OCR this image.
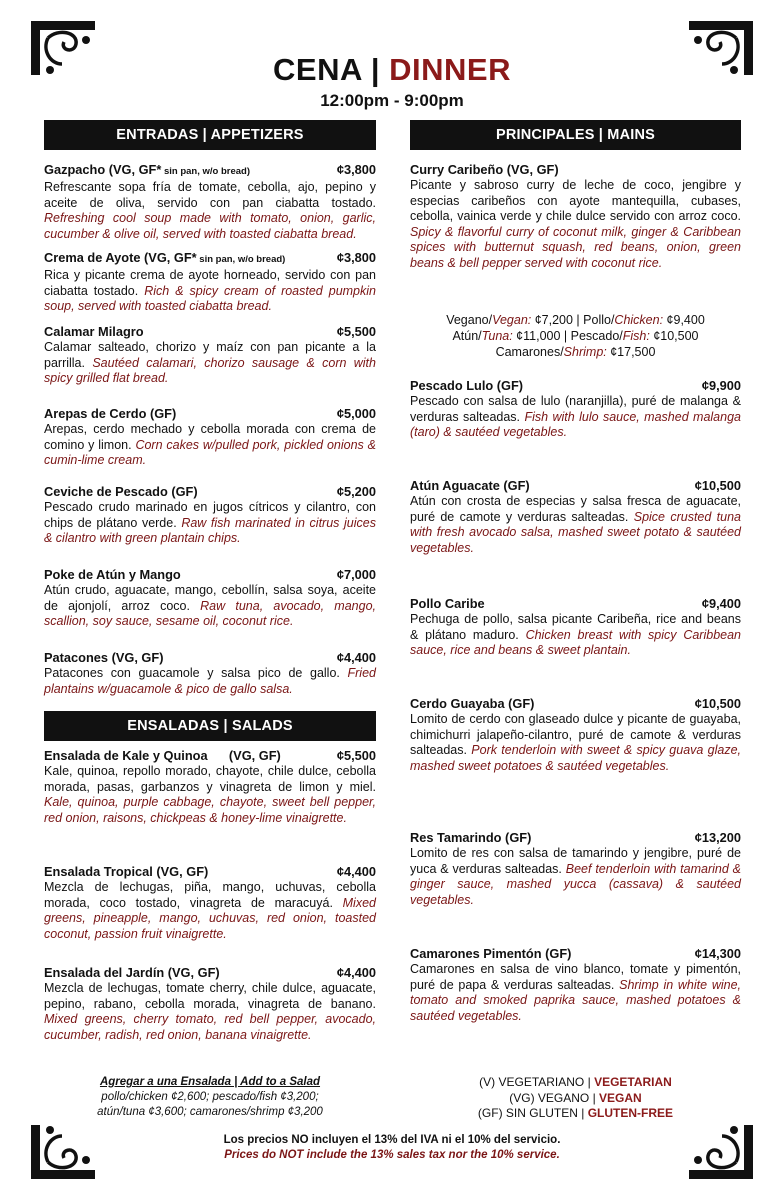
CENA | DINNER
12:00pm - 9:00pm
ENTRADAS | APPETIZERS
Gazpacho (VG, GF* sin pan, w/o bread)	¢3,800
Refrescante sopa fría de tomate, cebolla, ajo, pepino y aceite de oliva, servido con pan ciabatta tostado. Refreshing cool soup made with tomato, onion, garlic, cucumber & olive oil, served with toasted ciabatta bread.
Crema de Ayote (VG, GF* sin pan, w/o bread)	¢3,800
Rica y picante crema de ayote horneado, servido con pan ciabatta tostado. Rich & spicy cream of roasted pumpkin soup, served with toasted ciabatta bread.
Calamar Milagro	¢5,500
Calamar salteado, chorizo y maíz con pan picante a la parrilla. Sautéed calamari, chorizo sausage & corn with spicy grilled flat bread.
Arepas de Cerdo (GF)	¢5,000
Arepas, cerdo mechado y cebolla morada con crema de comino y limon. Corn cakes w/pulled pork, pickled onions & cumin-lime cream.
Ceviche de Pescado (GF)	¢5,200
Pescado crudo marinado en jugos cítricos y cilantro, con chips de plátano verde. Raw fish marinated in citrus juices & cilantro with green plantain chips.
Poke de Atún y Mango	¢7,000
Atún crudo, aguacate, mango, cebollín, salsa soya, aceite de ajonjolí, arroz coco. Raw tuna, avocado, mango, scallion, soy sauce, sesame oil, coconut rice.
Patacones (VG, GF)	¢4,400
Patacones con guacamole y salsa pico de gallo. Fried plantains w/guacamole & pico de gallo salsa.
ENSALADAS | SALADS
Ensalada de Kale y Quinoa      (VG, GF)	¢5,500
Kale, quinoa, repollo morado, chayote, chile dulce, cebolla morada, pasas, garbanzos y vinagreta de limon y miel. Kale, quinoa, purple cabbage, chayote, sweet bell pepper, red onion, raisons, chickpeas & honey-lime vinaigrette.
Ensalada Tropical (VG, GF)	¢4,400
Mezcla de lechugas, piña, mango, uchuvas, cebolla morada, coco tostado, vinagreta de maracuyá. Mixed greens, pineapple, mango, uchuvas, red onion, toasted coconut, passion fruit vinaigrette.
Ensalada del Jardín (VG, GF)	¢4,400
Mezcla de lechugas, tomate cherry, chile dulce, aguacate, pepino, rabano, cebolla morada, vinagreta de banano. Mixed greens, cherry tomato, red bell pepper, avocado, cucumber, radish, red onion, banana vinaigrette.
PRINCIPALES | MAINS
Curry Caribeño (VG, GF)
Picante y sabroso curry de leche de coco, jengibre y especias caribeños con ayote mantequilla, cubases, cebolla, vainica verde y chile dulce servido con arroz coco. Spicy & flavorful curry of coconut milk, ginger & Caribbean spices with butternut squash, red beans, onion, green beans & bell pepper served with coconut rice.
Vegano/Vegan: ¢7,200 | Pollo/Chicken: ¢9,400
Atún/Tuna: ¢11,000 | Pescado/Fish: ¢10,500
Camarones/Shrimp: ¢17,500
Pescado Lulo (GF)	¢9,900
Pescado con salsa de lulo (naranjilla), puré de malanga & verduras salteadas. Fish with lulo sauce, mashed malanga (taro) & sautéed vegetables.
Atún Aguacate (GF)	¢10,500
Atún con crosta de especias y salsa fresca de aguacate, puré de camote y verduras salteadas. Spice crusted tuna with fresh avocado salsa, mashed sweet potato & sautéed vegetables.
Pollo Caribe	¢9,400
Pechuga de pollo, salsa picante Caribeña, rice and beans & plátano maduro. Chicken breast with spicy Caribbean sauce, rice and beans & sweet plantain.
Cerdo Guayaba (GF)	¢10,500
Lomito de cerdo con glaseado dulce y picante de guayaba, chimichurri jalapeño-cilantro, puré de camote & verduras salteadas. Pork tenderloin with sweet & spicy guava glaze, mashed sweet potatoes & sautéed vegetables.
Res Tamarindo (GF)	¢13,200
Lomito de res con salsa de tamarindo y jengibre, puré de yuca & verduras salteadas. Beef tenderloin with tamarind & ginger sauce, mashed yucca (cassava) & sautéed vegetables.
Camarones Pimentón (GF)	¢14,300
Camarones en salsa de vino blanco, tomate y pimentón, puré de papa & verduras salteadas. Shrimp in white wine, tomato and smoked paprika sauce, mashed potatoes & sautéed vegetables.
Agregar a una Ensalada | Add to a Salad
pollo/chicken ¢2,600; pescado/fish ¢3,200;
atún/tuna ¢3,600; camarones/shrimp ¢3,200
(V) VEGETARIANO | VEGETARIAN
(VG) VEGANO | VEGAN
(GF) SIN GLUTEN | GLUTEN-FREE
Los precios NO incluyen el 13% del IVA ni el 10% del servicio.
Prices do NOT include the 13% sales tax nor the 10% service.
